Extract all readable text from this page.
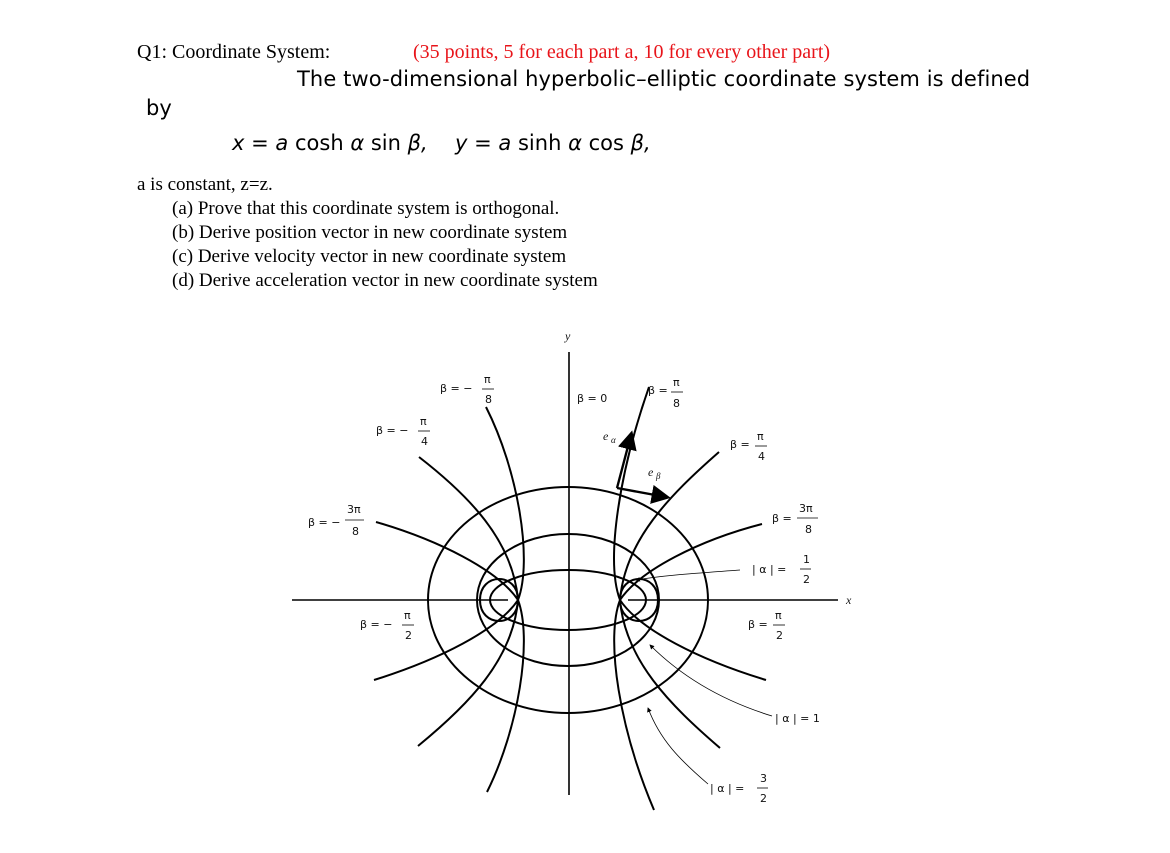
Q1: Coordinate System:	(35 points, 5 for each part a, 10 for every other part)
The two-dimensional hyperbolic–elliptic coordinate system is defined
by
x = a cosh α sin β, y = a sinh α cos β,
a is constant, z=z.
(a) Prove that this coordinate system is orthogonal.
(b) Derive position vector in new coordinate system
(c) Derive velocity vector in new coordinate system
(d) Derive acceleration vector in new coordinate system
y
x
β = 0
β =
π
8
β = −
π
8
β = −
π
4	e α
e β
β =
π
4
β = −
3π
8
β =
3π
8
| α | =
1
2
β = −
π
2
β =
π
2
| α | = 1
| α | =
3
2
